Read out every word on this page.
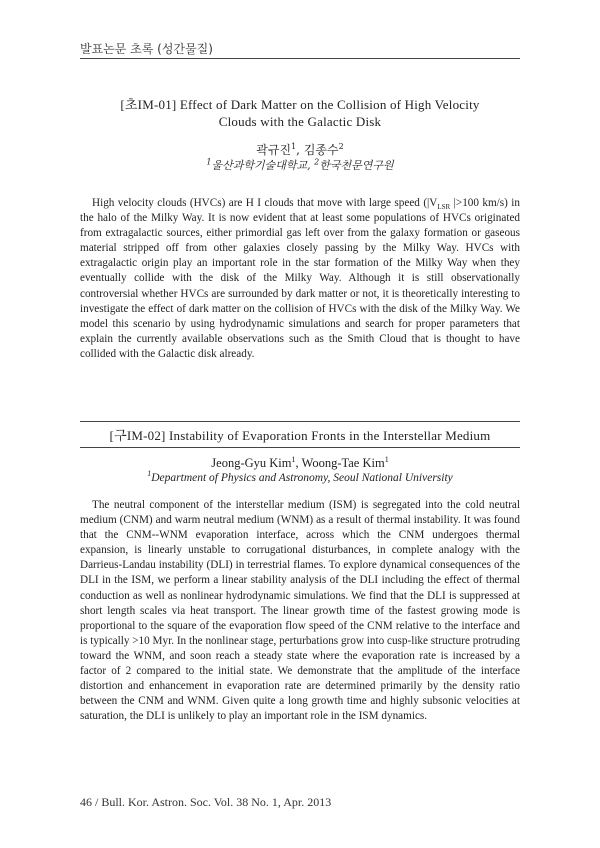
발표논문 초록 (성간물질)
[초IM-01] Effect of Dark Matter on the Collision of High Velocity
Clouds with the Galactic Disk
곽규진$^1$, 김종수$^2$
$^1$울산과학기술대학교, $^2$한국천문연구원

High velocity clouds (HVCs) are H I clouds that move with large speed ($|V_{LSR}$ |>100 km/s) in the halo of the Milky Way. It is now evident that at least some populations of HVCs originated from extragalactic sources, either primordial gas left over from the galaxy formation or gaseous material stripped off from other galaxies closely passing by the Milky Way. HVCs with extragalactic origin play an important role in the star formation of the Milky Way when they eventually collide with the disk of the Milky Way. Although it is still observationally controversial whether HVCs are surrounded by dark matter or not, it is theoretically interesting to investigate the effect of dark matter on the collision of HVCs with the disk of the Milky Way. We model this scenario by using hydrodynamic simulations and search for proper parameters that explain the currently available observations such as the Smith Cloud that is thought to have collided with the Galactic disk already.

[구IM-02] Instability of Evaporation Fronts in the Interstellar Medium
Jeong-Gyu Kim$^1$, Woong-Tae Kim$^1$
$^1$Department of Physics and Astronomy, Seoul National University

The neutral component of the interstellar medium (ISM) is segregated into the cold neutral medium (CNM) and warm neutral medium (WNM) as a result of thermal instability. It was found that the CNM--WNM evaporation interface, across which the CNM undergoes thermal expansion, is linearly unstable to corrugational disturbances, in complete analogy with the Darrieus-Landau instability (DLI) in terrestrial flames. To explore dynamical consequences of the DLI in the ISM, we perform a linear stability analysis of the DLI including the effect of thermal conduction as well as nonlinear hydrodynamic simulations. We find that the DLI is suppressed at short length scales via heat transport. The linear growth time of the fastest growing mode is proportional to the square of the evaporation flow speed of the CNM relative to the interface and is typically >10 Myr. In the nonlinear stage, perturbations grow into cusp-like structure protruding toward the WNM, and soon reach a steady state where the evaporation rate is increased by a factor of 2 compared to the initial state. We demonstrate that the amplitude of the interface distortion and enhancement in evaporation rate are determined primarily by the density ratio between the CNM and WNM. Given quite a long growth time and highly subsonic velocities at saturation, the DLI is unlikely to play an important role in the ISM dynamics.

46 / Bull. Kor. Astron. Soc. Vol. 38 No. 1, Apr. 2013
